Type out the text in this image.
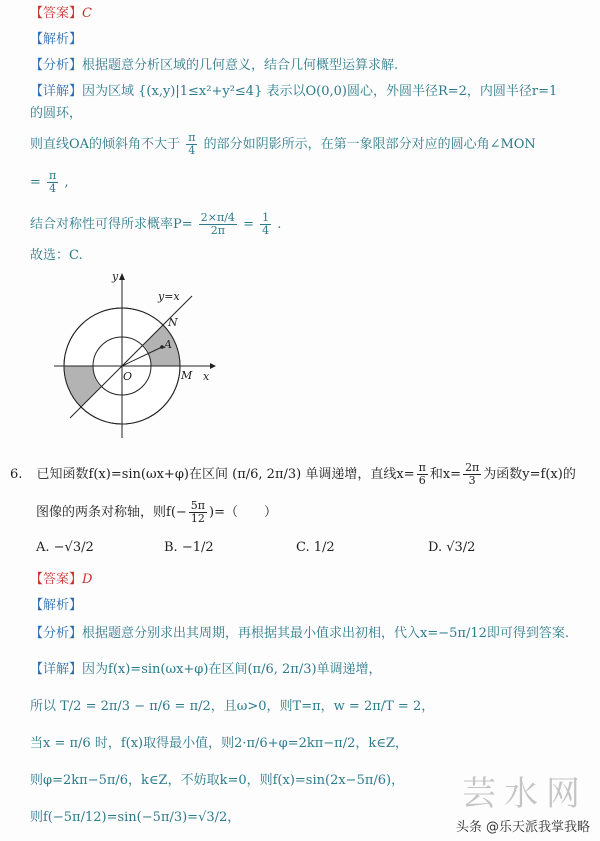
【答案】C
【解析】
【分析】根据题意分析区域的几何意义，结合几何概型运算求解.
【详解】因为区域 {(x,y)|1≤x²+y²≤4} 表示以O(0,0)圆心，外圆半径R=2，内圆半径r=1
的圆环，
则直线OA的倾斜角不大于 $\frac{\pi}{4}$ 的部分如阴影所示，在第一象限部分对应的圆心角∠MON
= $\frac{\pi}{4}$ ,
结合对称性可得所求概率$P= \frac{2\times\pi/4}{2\pi} = \frac{1}{4}$ .
故选：C.
y
x
y=x
N
A
O	M
6. 已知函数f(x)=sin(ωx+φ)在区间 (π/6, 2π/3) 单调递增，直线$x= \frac{\pi}{6}$ 和$x= \frac{2\pi}{3}$ 为函数y=f(x)的
图像的两条对称轴，则$f(- \frac{5\pi}{12}$ )=（　　）
A. −√3/2	B. −1/2	C. 1/2	D. √3/2
【答案】D
【解析】
【分析】根据题意分别求出其周期，再根据其最小值求出初相，代入x=−5π/12即可得到答案.
【详解】因为f(x)=sin(ωx+φ)在区间(π/6, 2π/3)单调递增，
所以 T/2 = 2π/3 − π/6 = π/2，且ω>0，则T=π，w = 2π/T = 2，
当x = π/6 时，f(x)取得最小值，则2·π/6+φ=2kπ−π/2，k∈Z，
则φ=2kπ−5π/6，k∈Z，不妨取k=0，则f(x)=sin(2x−5π/6)，
则f(−5π/12)=sin(−5π/3)=√3/2，
芸水网
头条 @乐天派我掌我略
